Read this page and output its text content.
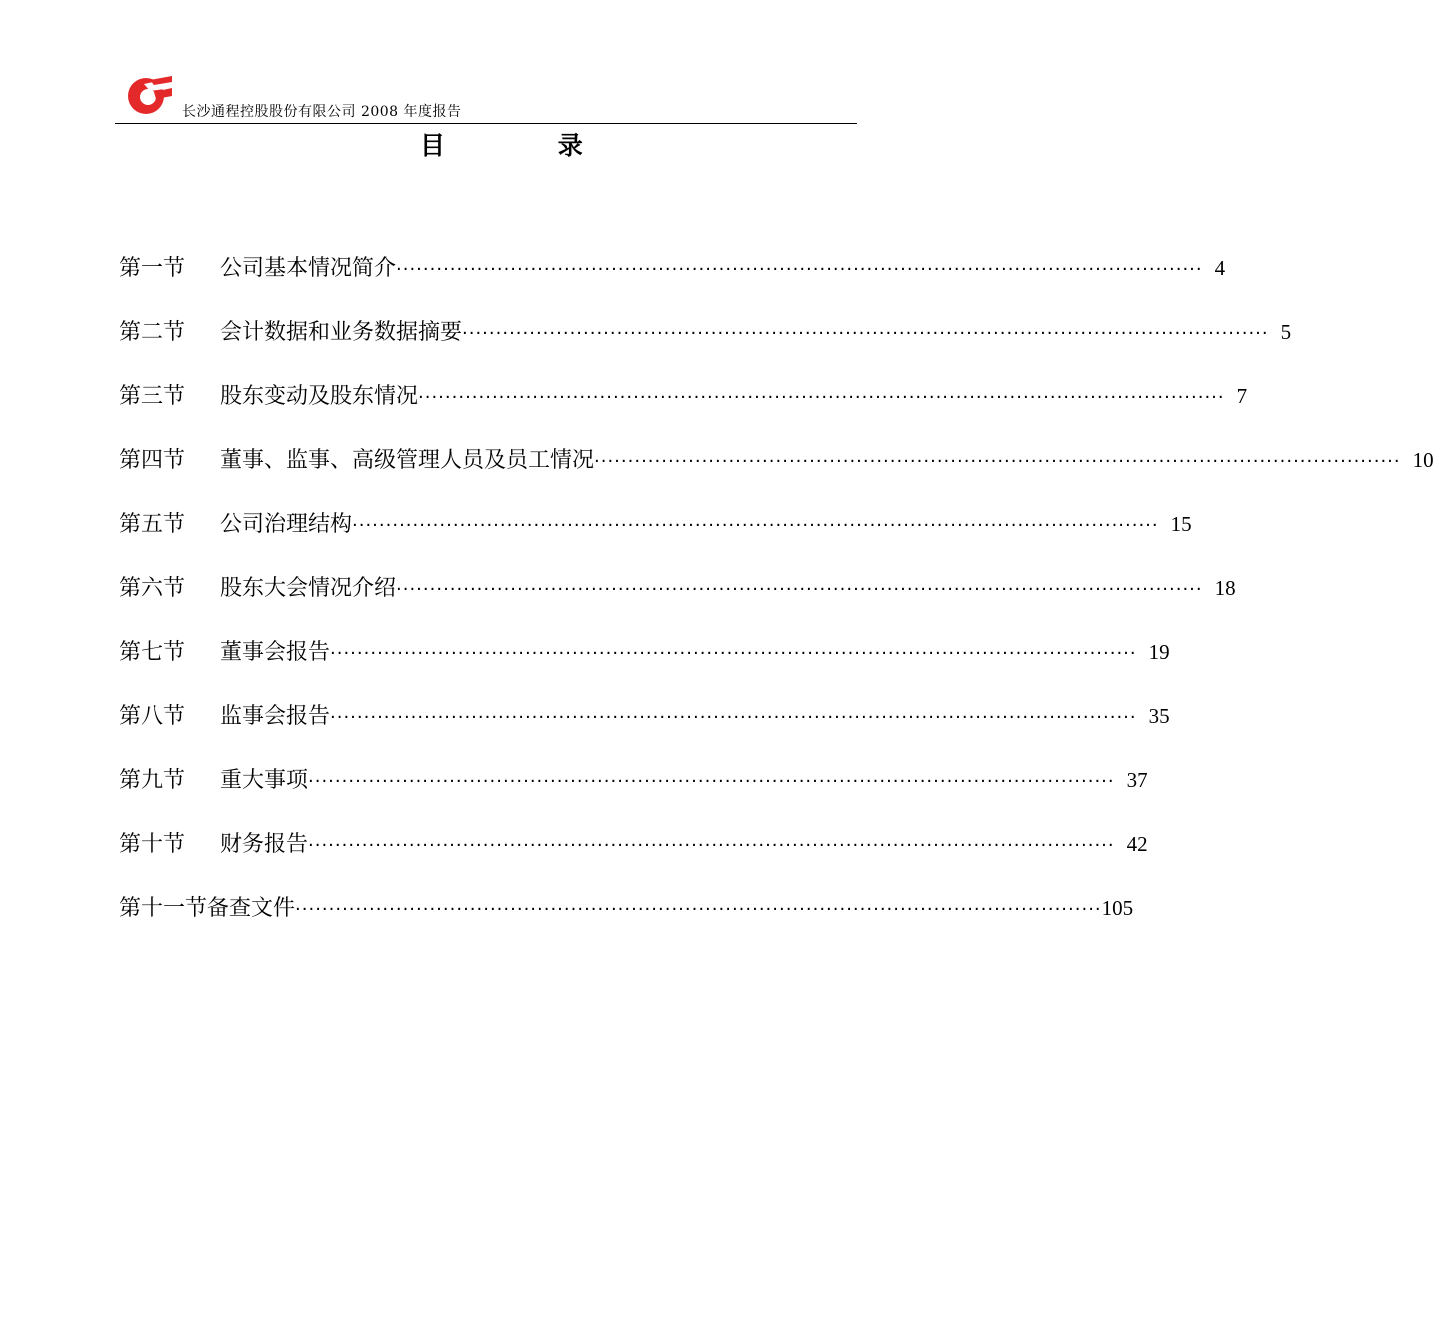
长沙通程控股股份有限公司 2008 年度报告
目 录
第一节	公司基本情况简介 ························································································································ 4
第二节	会计数据和业务数据摘要 ························································································································ 5
第三节	股东变动及股东情况 ························································································································ 7
第四节	董事、监事、高级管理人员及员工情况 ························································································································ 10
第五节	公司治理结构 ························································································································ 15
第六节	股东大会情况介绍 ························································································································ 18
第七节	董事会报告 ························································································································ 19
第八节	监事会报告 ························································································································ 35
第九节	重大事项 ························································································································ 37
第十节	财务报告 ························································································································ 42
第十一节 备查文件 ························································································································ 105
